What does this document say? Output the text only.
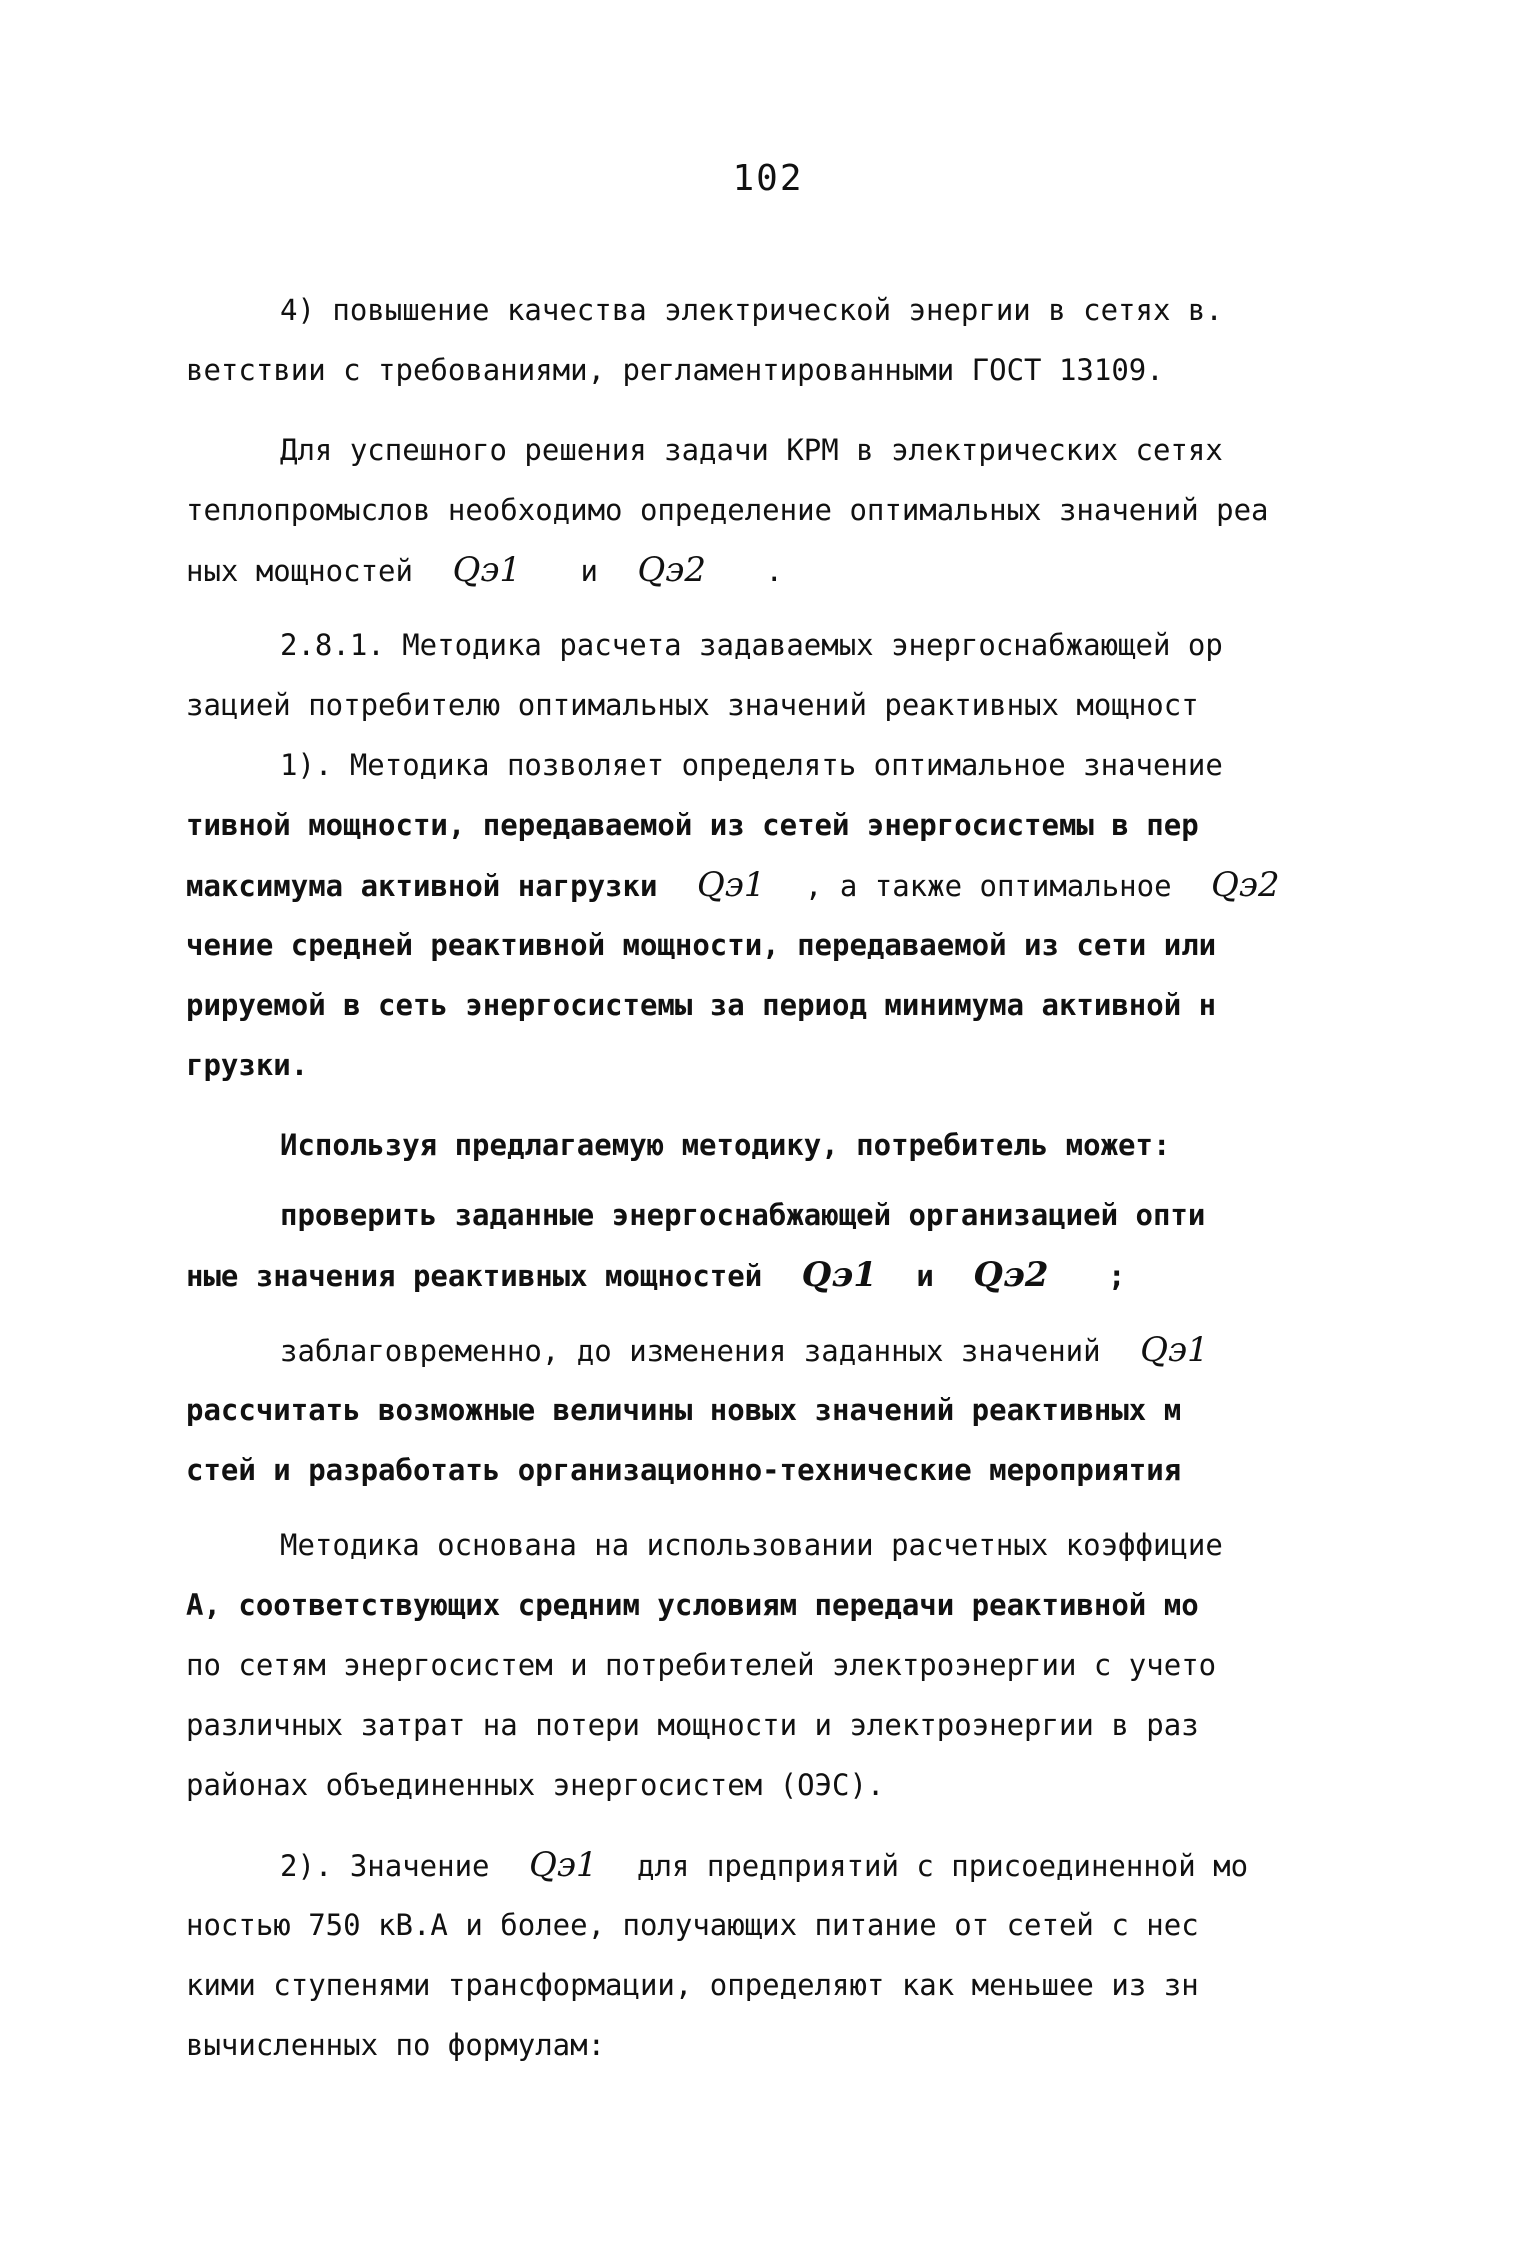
102
4) повышение качества электрической энергии в сетях в.
ветствии с требованиями, регламентированными ГОСТ 13109.
Для успешного решения задачи КРМ в электрических сетях
теплопромыслов необходимо определение оптимальных значений реа
ных мощностей Qэ1 и Qэ2 .
2.8.1. Методика расчета задаваемых энергоснабжающей ор
зацией потребителю оптимальных значений реактивных мощност
1). Методика позволяет определять оптимальное значение
тивной мощности, передаваемой из сетей энергосистемы в пер
максимума активной нагрузки Qэ1 , а также оптимальное Qэ2
чение средней реактивной мощности, передаваемой из сети или
рируемой в сеть энергосистемы за период минимума активной н
грузки.
Используя предлагаемую методику, потребитель может:
проверить заданные энергоснабжающей организацией опти
ные значения реактивных мощностей Qэ1 и Qэ2 ;
заблаговременно, до изменения заданных значений Qэ1
рассчитать возможные величины новых значений реактивных м
стей и разработать организационно-технические мероприятия
Методика основана на использовании расчетных коэффицие
А, соответствующих средним условиям передачи реактивной мо
по сетям энергосистем и потребителей электроэнергии с учето
различных затрат на потери мощности и электроэнергии в раз
районах объединенных энергосистем (ОЭС).
2). Значение Qэ1 для предприятий с присоединенной мо
ностью 750 кВ.А и более, получающих питание от сетей с нес
кими ступенями трансформации, определяют как меньшее из зн
вычисленных по формулам:
